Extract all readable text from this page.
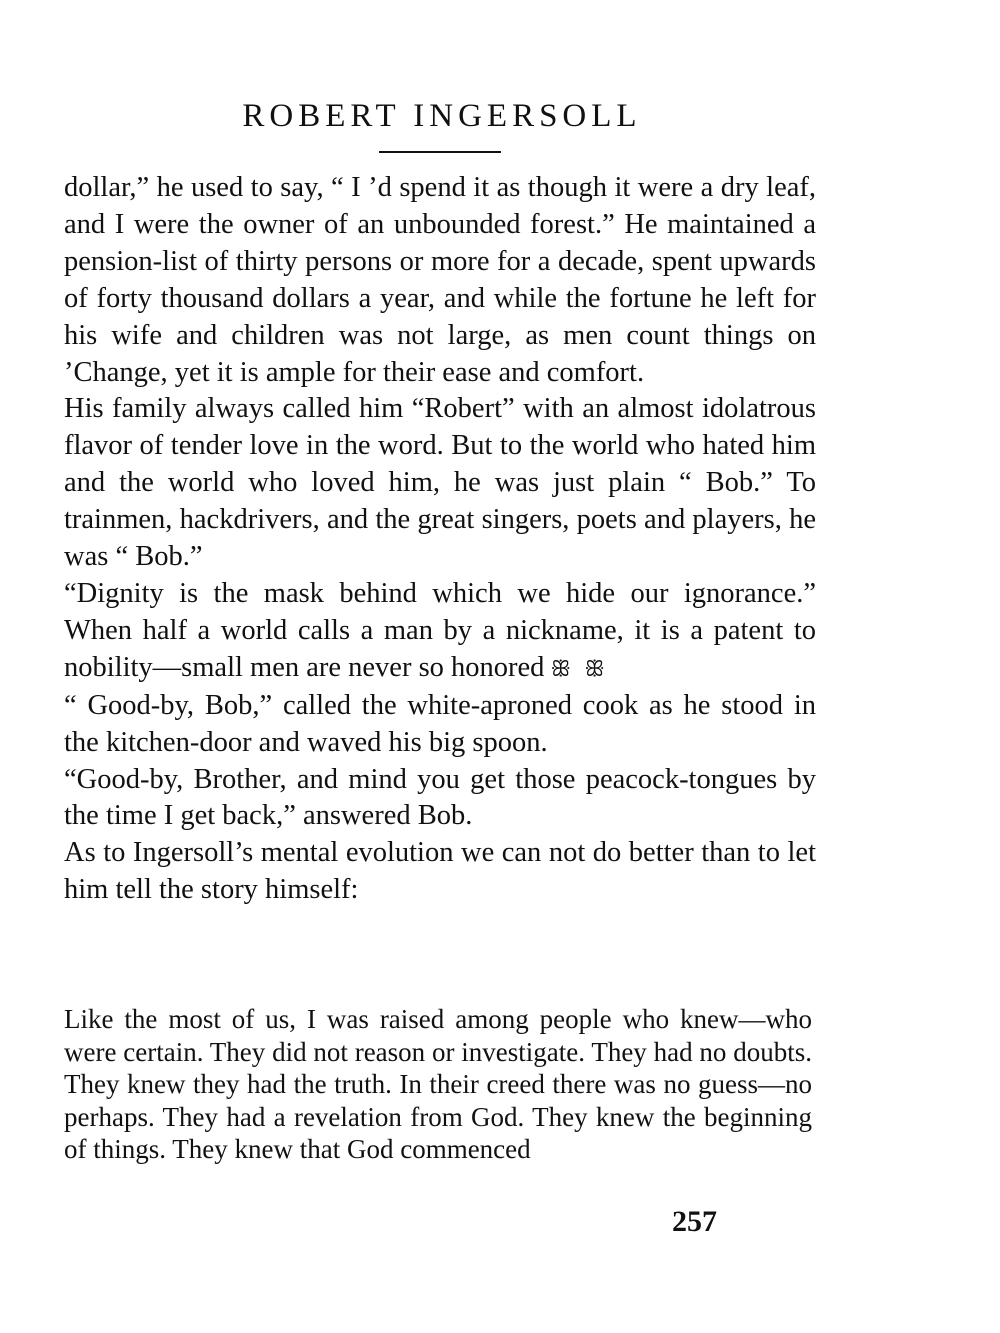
ROBERT INGERSOLL

dollar,” he used to say, “ I ’d spend it as though it were a dry leaf, and I were the owner of an unbounded forest.” He maintained a pension-list of thirty persons or more for a decade, spent upwards of forty thousand dollars a year, and while the fortune he left for his wife and children was not large, as men count things on ’Change, yet it is ample for their ease and comfort.

His family always called him “Robert” with an almost idolatrous flavor of tender love in the word. But to the world who hated him and the world who loved him, he was just plain “ Bob.” To trainmen, hackdrivers, and the great singers, poets and players, he was “ Bob.”

“Dignity is the mask behind which we hide our ignorance.” When half a world calls a man by a nickname, it is a patent to nobility—small men are never so honored ꕥ ꕥ

“ Good-by, Bob,” called the white-aproned cook as he stood in the kitchen-door and waved his big spoon.

“Good-by, Brother, and mind you get those peacock-tongues by the time I get back,” answered Bob.

As to Ingersoll’s mental evolution we can not do better than to let him tell the story himself:

Like the most of us, I was raised among people who knew—who were certain. They did not reason or investigate. They had no doubts. They knew they had the truth. In their creed there was no guess—no perhaps. They had a revelation from God. They knew the beginning of things. They knew that God commenced

257
